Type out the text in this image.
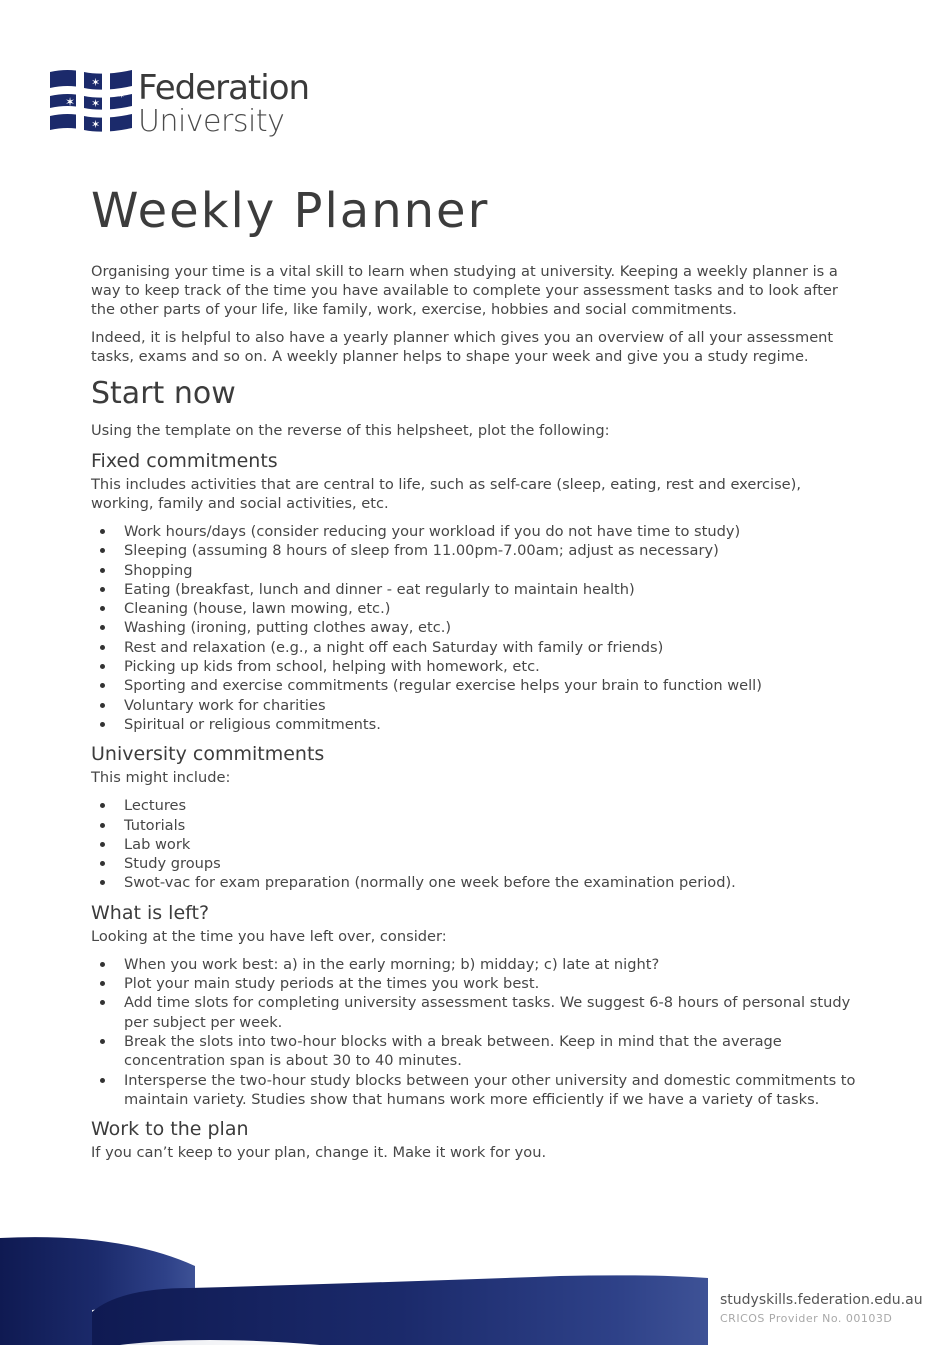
✶
✶
✶
✶
✶ Federation
University
Weekly Planner

Organising your time is a vital skill to learn when studying at university. Keeping a weekly planner is a way to keep track of the time you have available to complete your assessment tasks and to look after the other parts of your life, like family, work, exercise, hobbies and social commitments.

Indeed, it is helpful to also have a yearly planner which gives you an overview of all your assessment tasks, exams and so on. A weekly planner helps to shape your week and give you a study regime.

Start now

Using the template on the reverse of this helpsheet, plot the following:

Fixed commitments

This includes activities that are central to life, such as self-care (sleep, eating, rest and exercise), working, family and social activities, etc.

Work hours/days (consider reducing your workload if you do not have time to study)
Sleeping (assuming 8 hours of sleep from 11.00pm-7.00am; adjust as necessary)
Shopping
Eating (breakfast, lunch and dinner - eat regularly to maintain health)
Cleaning (house, lawn mowing, etc.)
Washing (ironing, putting clothes away, etc.)
Rest and relaxation (e.g., a night off each Saturday with family or friends)
Picking up kids from school, helping with homework, etc.
Sporting and exercise commitments (regular exercise helps your brain to function well)
Voluntary work for charities
Spiritual or religious commitments.
University commitments

This might include:

Lectures
Tutorials
Lab work
Study groups
Swot-vac for exam preparation (normally one week before the examination period).
What is left?

Looking at the time you have left over, consider:

When you work best: a) in the early morning; b) midday; c) late at night?
Plot your main study periods at the times you work best.
Add time slots for completing university assessment tasks. We suggest 6-8 hours of personal study per subject per week.
Break the slots into two-hour blocks with a break between. Keep in mind that the average concentration span is about 30 to 40 minutes.
Intersperse the two-hour study blocks between your other university and domestic commitments to maintain variety. Studies show that humans work more efficiently if we have a variety of tasks.
Work to the plan

If you can’t keep to your plan, change it. Make it work for you.

studyskills.federation.edu.au
CRICOS Provider No. 00103D
